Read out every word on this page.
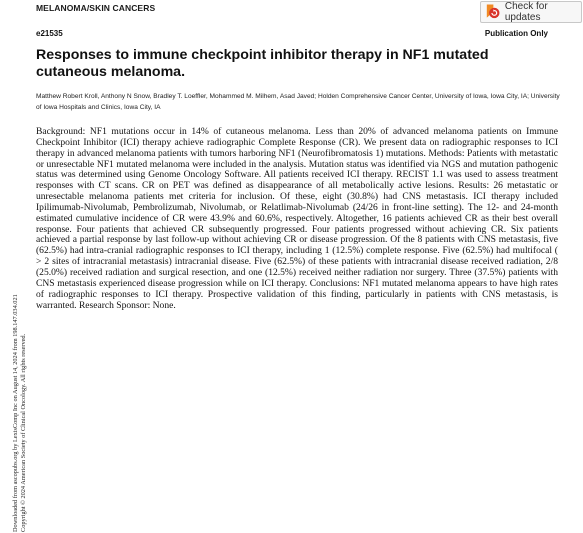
MELANOMA/SKIN CANCERS	Check for updates
e21535	Publication Only
Responses to immune checkpoint inhibitor therapy in NF1 mutated cutaneous melanoma.

Matthew Robert Kroll, Anthony N Snow, Bradley T. Loeffler, Mohammed M. Milhem, Asad Javed; Holden Comprehensive Cancer Center, University of Iowa, Iowa City, IA; University of Iowa Hospitals and Clinics, Iowa City, IA

Background: NF1 mutations occur in 14% of cutaneous melanoma. Less than 20% of advanced melanoma patients on Immune Checkpoint Inhibitor (ICI) therapy achieve radiographic Complete Response (CR). We present data on radiographic responses to ICI therapy in advanced melanoma patients with tumors harboring NF1 (Neurofibromatosis 1) mutations. Methods: Patients with metastatic or unresectable NF1 mutated melanoma were included in the analysis. Mutation status was identified via NGS and mutation pathogenic status was determined using Genome Oncology Software. All patients received ICI therapy. RECIST 1.1 was used to assess treatment responses with CT scans. CR on PET was defined as disappearance of all metabolically active lesions. Results: 26 metastatic or unresectable melanoma patients met criteria for inclusion. Of these, eight (30.8%) had CNS metastasis. ICI therapy included Ipilimumab-Nivolumab, Pembrolizumab, Nivolumab, or Relatlimab-Nivolumab (24/26 in front-line setting). The 12- and 24-month estimated cumulative incidence of CR were 43.9% and 60.6%, respectively. Altogether, 16 patients achieved CR as their best overall response. Four patients that achieved CR subsequently progressed. Four patients progressed without achieving CR. Six patients achieved a partial response by last follow-up without achieving CR or disease progression. Of the 8 patients with CNS metastasis, five (62.5%) had intra-cranial radiographic responses to ICI therapy, including 1 (12.5%) complete response. Five (62.5%) had multifocal ( > 2 sites of intracranial metastasis) intracranial disease. Five (62.5%) of these patients with intracranial disease received radiation, 2/8 (25.0%) received radiation and surgical resection, and one (12.5%) received neither radiation nor surgery. Three (37.5%) patients with CNS metastasis experienced disease progression while on ICI therapy. Conclusions: NF1 mutated melanoma appears to have high rates of radiographic responses to ICI therapy. Prospective validation of this finding, particularly in patients with CNS metastasis, is warranted. Research Sponsor: None.

Downloaded from ascopubs.org by LexisComp Inc on August 14, 2024 from 198.147.034.021 Copyright © 2024 American Society of Clinical Oncology. All rights reserved.
